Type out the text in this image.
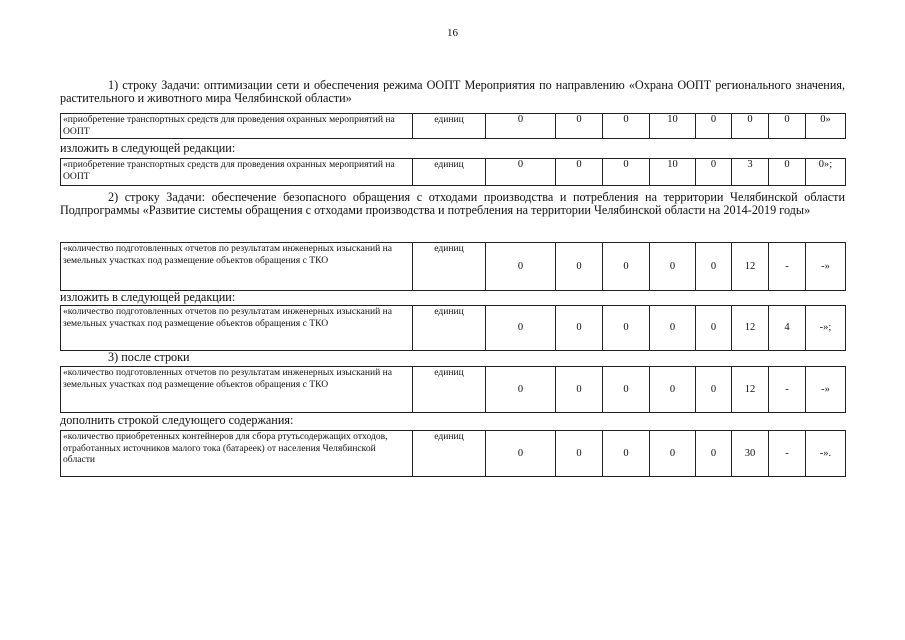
16
1) строку Задачи: оптимизации сети и обеспечения режима ООПТ Мероприятия по направлению «Охрана ООПТ регионального значения, растительного и животного мира Челябинской области»
«приобретение транспортных средств для проведения охранных мероприятий на ООПТ	единиц	0	0	0	10	0	0	0	0»
изложить в следующей редакции:
«приобретение транспортных средств для проведения охранных мероприятий на ООПТ	единиц	0	0	0	10	0	3	0	0»;
2) строку Задачи: обеспечение безопасного обращения с отходами производства и потребления на территории Челябинской области Подпрограммы «Развитие системы обращения с отходами производства и потребления на территории Челябинской области на 2014-2019 годы»
«количество подготовленных отчетов по результатам инженерных изысканий на земельных участках под размещение объектов обращения с ТКО	единиц	0	0	0	0	0	12	-	-»
изложить в следующей редакции:
«количество подготовленных отчетов по результатам инженерных изысканий на земельных участках под размещение объектов обращения с ТКО	единиц	0	0	0	0	0	12	4	-»;
3) после строки
«количество подготовленных отчетов по результатам инженерных изысканий на земельных участках под размещение объектов обращения с ТКО	единиц	0	0	0	0	0	12	-	-»
дополнить строкой следующего содержания:
«количество приобретенных контейнеров для сбора ртутьсодержащих отходов, отработанных источников малого тока (батареек) от населения Челябинской области	единиц	0	0	0	0	0	30	-	-».
